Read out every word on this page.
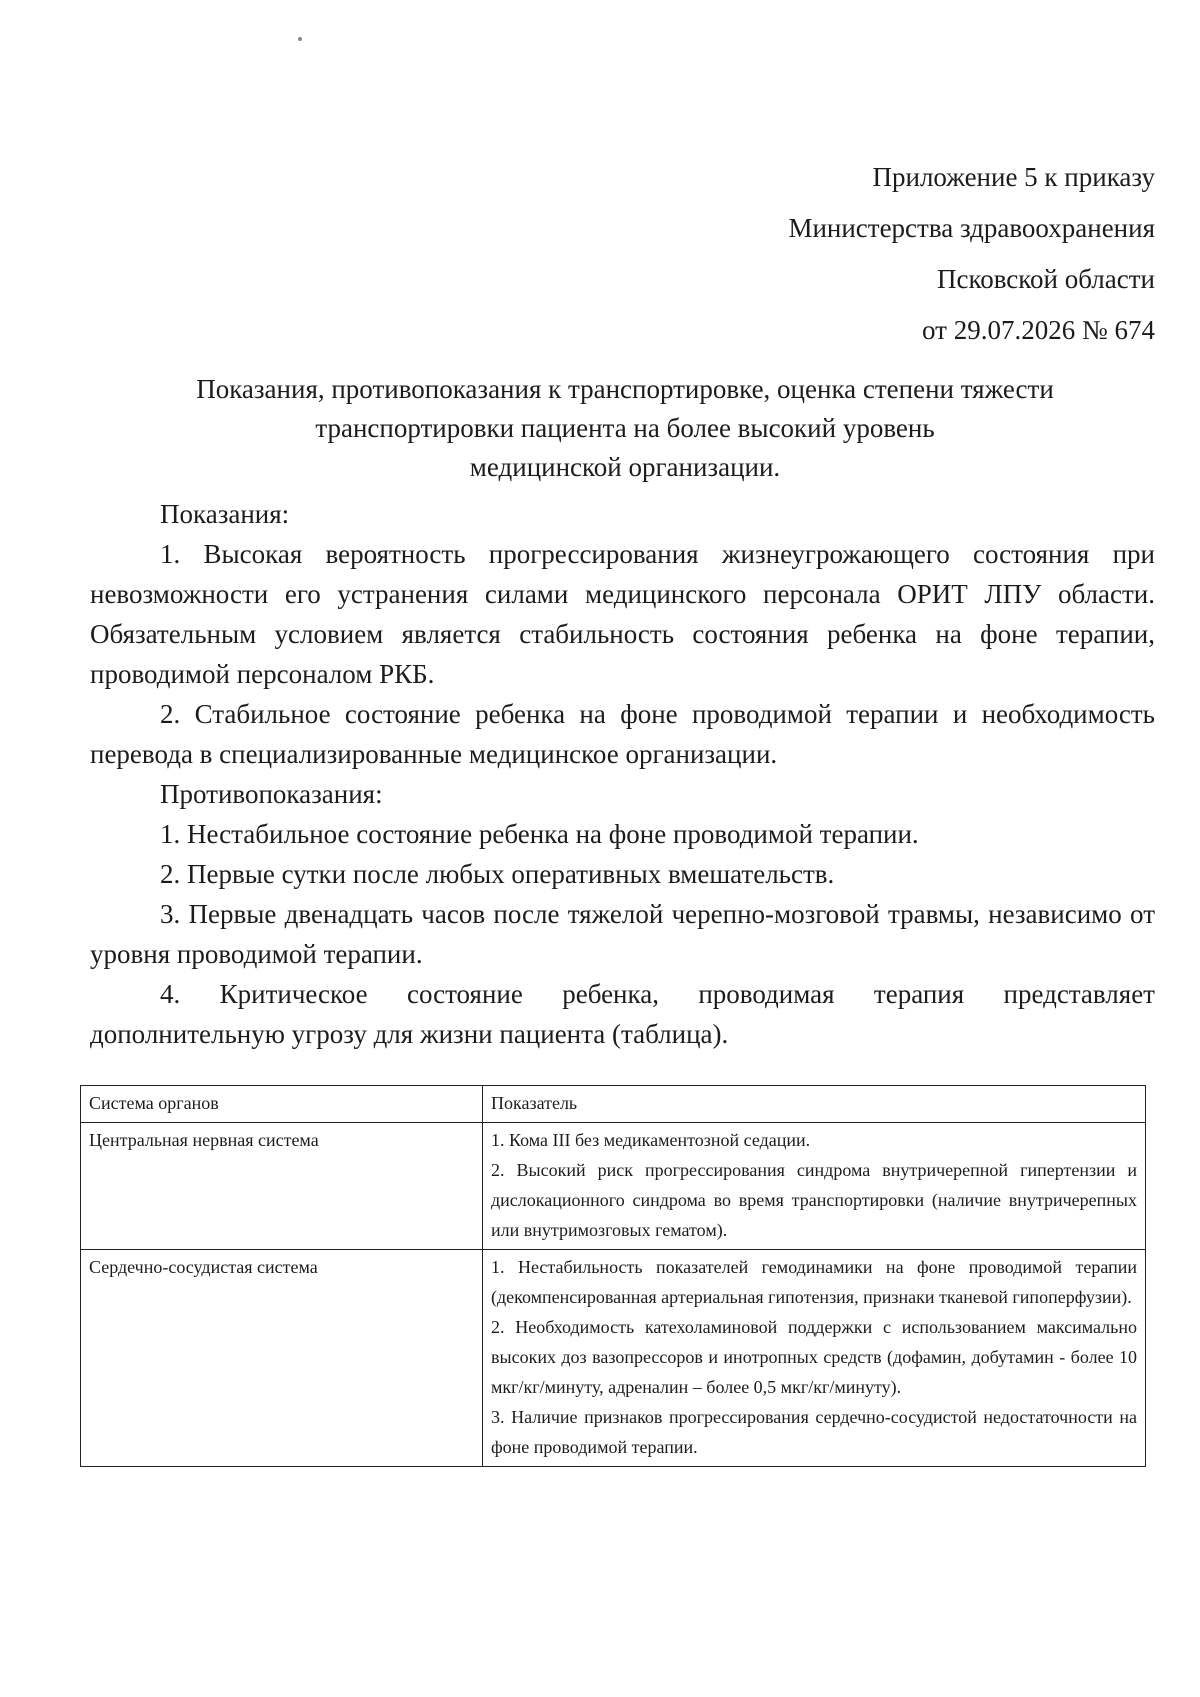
Приложение 5 к приказу
Министерства здравоохранения
Псковской области
от 29.07.2026 № 674
Показания, противопоказания к транспортировке, оценка степени тяжести
транспортировки пациента на более высокий уровень
медицинской организации.

Показания:

1. Высокая вероятность прогрессирования жизнеугрожающего состояния при невозможности его устранения силами медицинского персонала ОРИТ ЛПУ области. Обязательным условием является стабильность состояния ребенка на фоне терапии, проводимой персоналом РКБ.

2. Стабильное состояние ребенка на фоне проводимой терапии и необходимость перевода в специализированные медицинское организации.

Противопоказания:

1. Нестабильное состояние ребенка на фоне проводимой терапии.

2. Первые сутки после любых оперативных вмешательств.

3. Первые двенадцать часов после тяжелой черепно-мозговой травмы, независимо от уровня проводимой терапии.

4. Критическое состояние ребенка, проводимая терапия представляет дополнительную угрозу для жизни пациента (таблица).

Система органов	Показатель
Центральная нервная система	1. Кома III без медикаментозной седации.
2. Высокий риск прогрессирования синдрома внутричерепной гипертензии и дислокационного синдрома во время транспортировки (наличие внутричерепных или внутримозговых гематом).

Сердечно-сосудистая система	1. Нестабильность показателей гемодинамики на фоне проводимой терапии (декомпенсированная артериальная гипотензия, признаки тканевой гипоперфузии).
2. Необходимость катехоламиновой поддержки с использованием максимально высоких доз вазопрессоров и инотропных средств (дофамин, добутамин - более 10 мкг/кг/минуту, адреналин – более 0,5 мкг/кг/минуту).
3. Наличие признаков прогрессирования сердечно-сосудистой недостаточности на фоне проводимой терапии.
